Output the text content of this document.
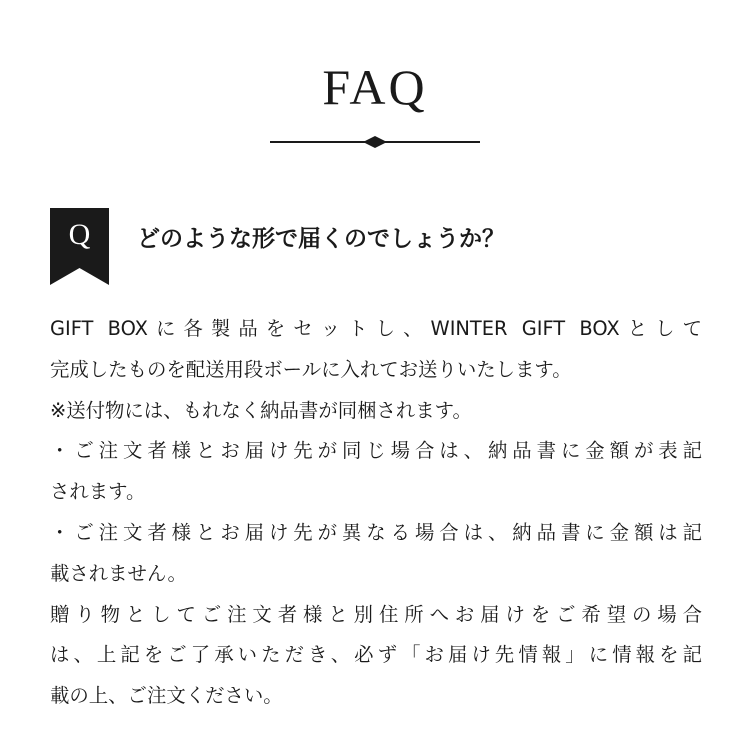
FAQ
Q	どのような形で届くのでしょうか？
GIFT BOXに各製品をセットし、WINTER GIFT BOXとして
完成したものを配送用段ボールに入れてお送りいたします。
※送付物には、もれなく納品書が同梱されます。
・ご注文者様とお届け先が同じ場合は、納品書に金額が表記
されます。
・ご注文者様とお届け先が異なる場合は、納品書に金額は記
載されません。
贈り物としてご注文者様と別住所へお届けをご希望の場合
は、上記をご了承いただき、必ず「お届け先情報」に情報を記
載の上、ご注文ください。
